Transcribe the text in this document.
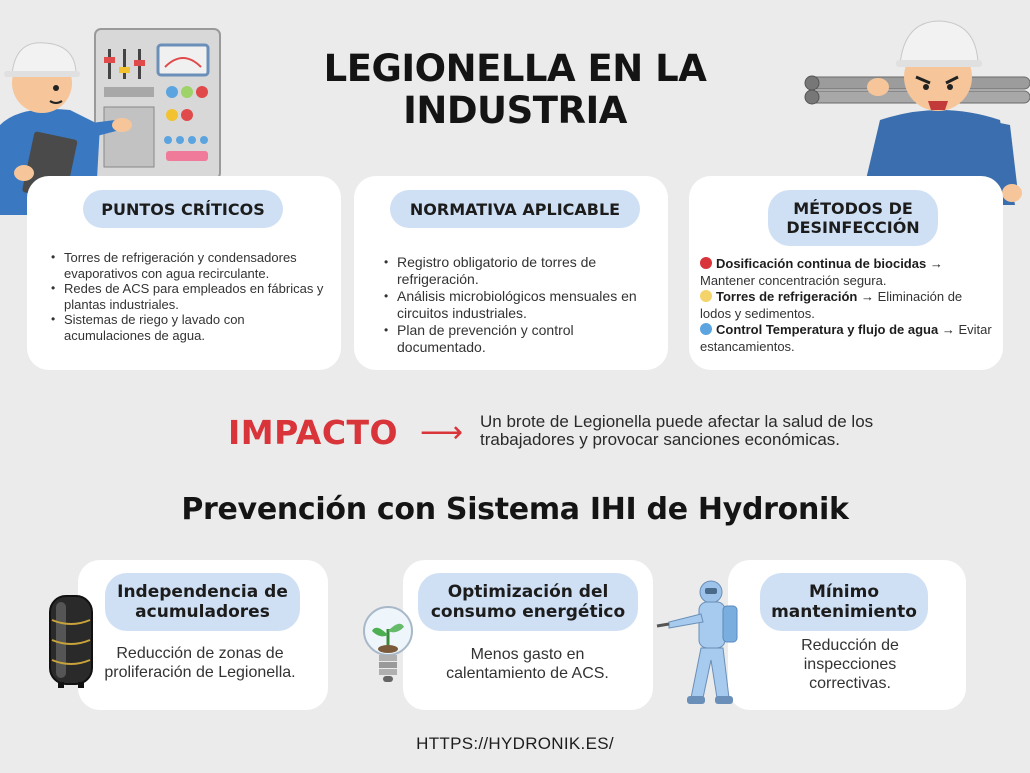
LEGIONELLA EN LA INDUSTRIA
PUNTOS CRÍTICOS
• Torres de refrigeración y condensadores evaporativos con agua recirculante.
• Redes de ACS para empleados en fábricas y plantas industriales.
• Sistemas de riego y lavado con acumulaciones de agua.
NORMATIVA APLICABLE
• Registro obligatorio de torres de refrigeración.
• Análisis microbiológicos mensuales en circuitos industriales.
• Plan de prevención y control documentado.
MÉTODOS DE DESINFECCIÓN
Dosificación continua de biocidas → Mantener concentración segura.
Torres de refrigeración → Eliminación de lodos y sedimentos.
Control Temperatura y flujo de agua → Evitar estancamientos.
IMPACTO ⟶ Un brote de Legionella puede afectar la salud de los trabajadores y provocar sanciones económicas.
Prevención con Sistema IHI de Hydronik
Independencia de acumuladores
Reducción de zonas de proliferación de Legionella.
Optimización del consumo energético
Menos gasto en calentamiento de ACS.
Mínimo mantenimiento
Reducción de inspecciones correctivas.
HTTPS://HYDRONIK.ES/
